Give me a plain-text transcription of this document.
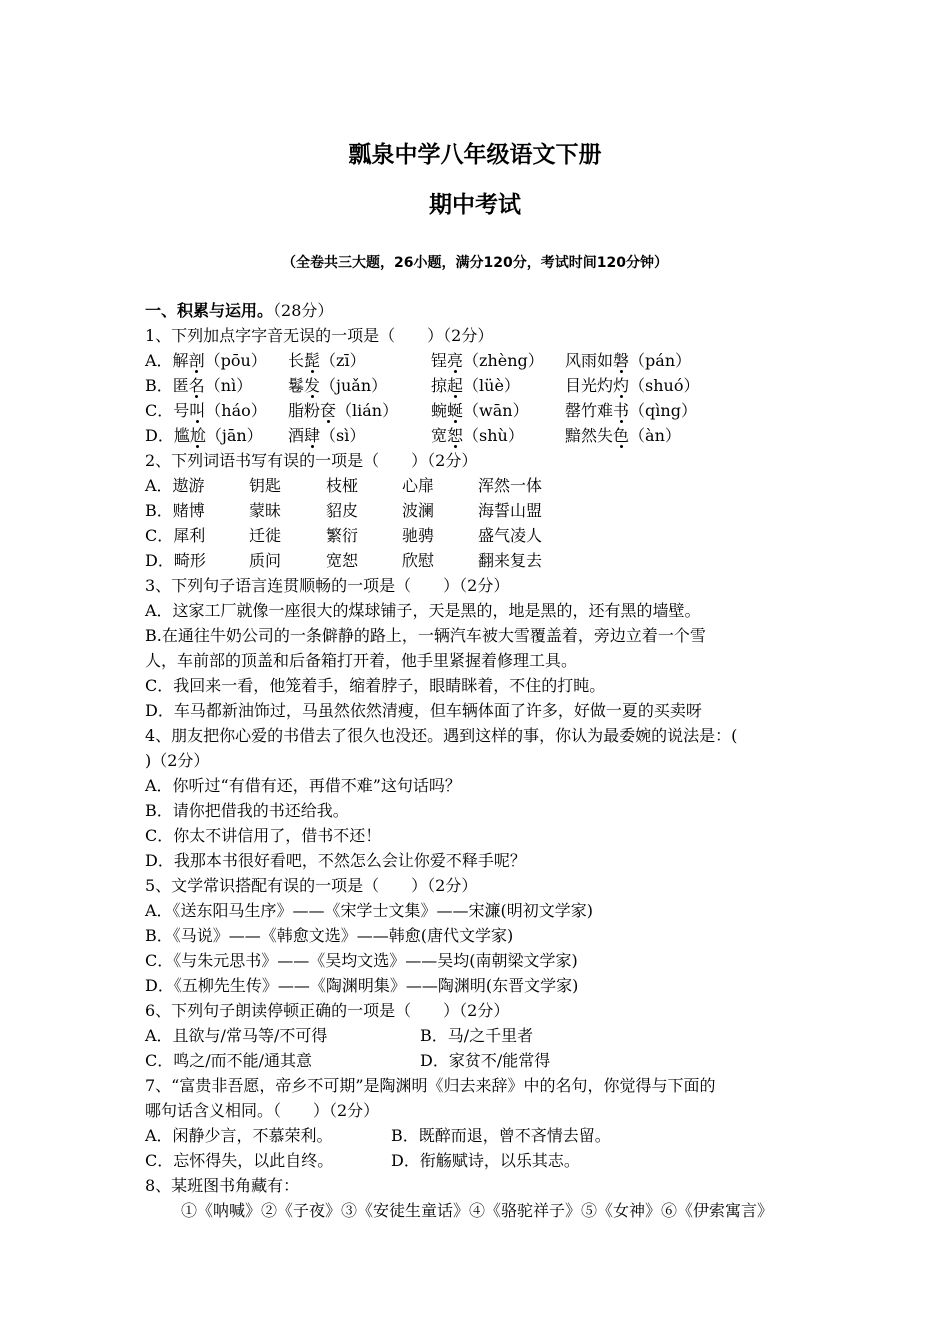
瓢泉中学八年级语文下册
期中考试
（全卷共三大题，26小题，满分120分，考试时间120分钟）
一、积累与运用。（28分）
1、下列加点字字音无误的一项是（　　）（2分）
A．解剖（pōu） 长髭（zī）	锃亮（zhèng） 风雨如磐（pán）
B．匿名（nì） 鬈发（juǎn）	掠起（lüè）	目光灼灼（shuó）
C．号叫（háo） 脂粉奁（lián） 蜿蜒（wān） 罄竹难书（qìng）
D．尴尬（jān） 酒肆（sì）	宽恕（shù）	黯然失色（àn）
2、下列词语书写有误的一项是（　　）（2分）
A．遨游	钥匙	枝桠	心扉	浑然一体
B．赌博	蒙昧	貂皮	波澜	海誓山盟
C．犀利	迁徙	繁衍	驰骋	盛气凌人
D．畸形	质问	宽恕	欣慰	翻来复去
3、下列句子语言连贯顺畅的一项是（　　）（2分）
A．这家工厂就像一座很大的煤球铺子，天是黑的，地是黑的，还有黑的墙壁。
B.在通往牛奶公司的一条僻静的路上，一辆汽车被大雪覆盖着，旁边立着一个雪
人，车前部的顶盖和后备箱打开着，他手里紧握着修理工具。
C．我回来一看，他笼着手，缩着脖子，眼睛眯着，不住的打盹。
D．车马都新油饰过，马虽然依然清瘦，但车辆体面了许多，好做一夏的买卖呀
4、朋友把你心爱的书借去了很久也没还。遇到这样的事，你认为最委婉的说法是：(
)（2分）
A．你听过“有借有还，再借不难”这句话吗？
B．请你把借我的书还给我。
C．你太不讲信用了，借书不还！
D．我那本书很好看吧，不然怎么会让你爱不释手呢？
5、文学常识搭配有误的一项是（　　）（2分）
A．《送东阳马生序》——《宋学士文集》——宋濂(明初文学家)
B．《马说》——《韩愈文选》——韩愈(唐代文学家)
C．《与朱元思书》——《吴均文选》——吴均(南朝梁文学家)
D．《五柳先生传》——《陶渊明集》——陶渊明(东晋文学家)
6、下列句子朗读停顿正确的一项是（　　）（2分）
A．且欲与/常马等/不可得	B．马/之千里者
C．鸣之/而不能/通其意	D．家贫不/能常得
7、“富贵非吾愿，帝乡不可期”是陶渊明《归去来辞》中的名句，你觉得与下面的
哪句话含义相同。（　　）（2分）
A．闲静少言，不慕荣利。	B．既醉而退，曾不吝情去留。
C．忘怀得失，以此自终。	D．衔觞赋诗，以乐其志。
8、某班图书角藏有：
①《呐喊》②《子夜》③《安徒生童话》④《骆驼祥子》⑤《女神》⑥《伊索寓言》
